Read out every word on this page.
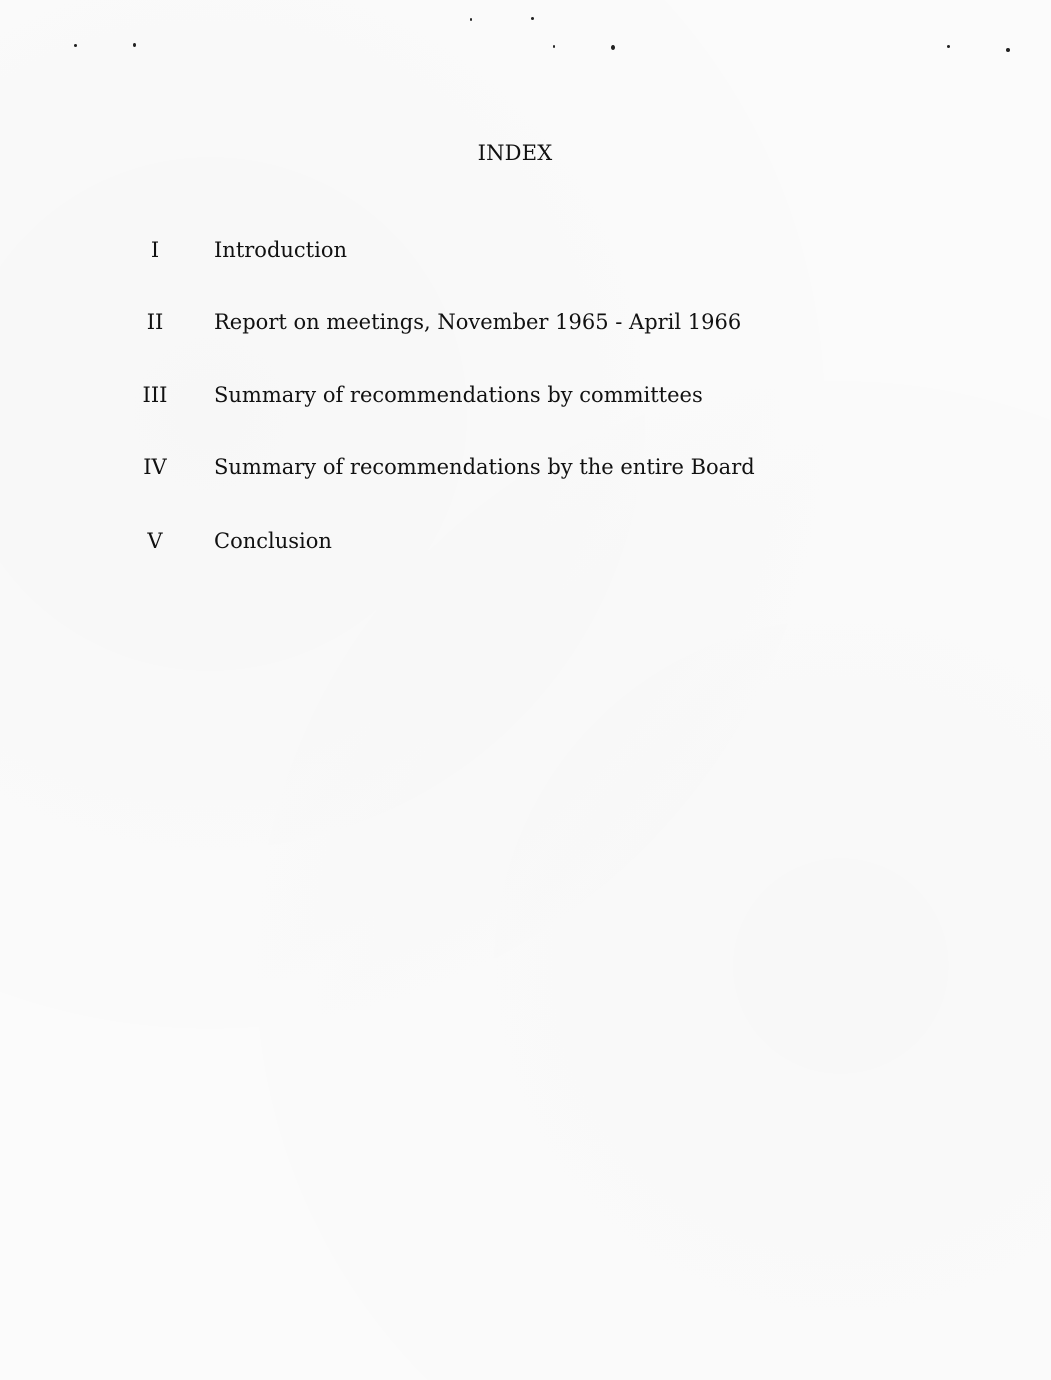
INDEX
I	Introduction
II	Report on meetings, November 1965 - April 1966
III	Summary of recommendations by committees
IV	Summary of recommendations by the entire Board
V	Conclusion
